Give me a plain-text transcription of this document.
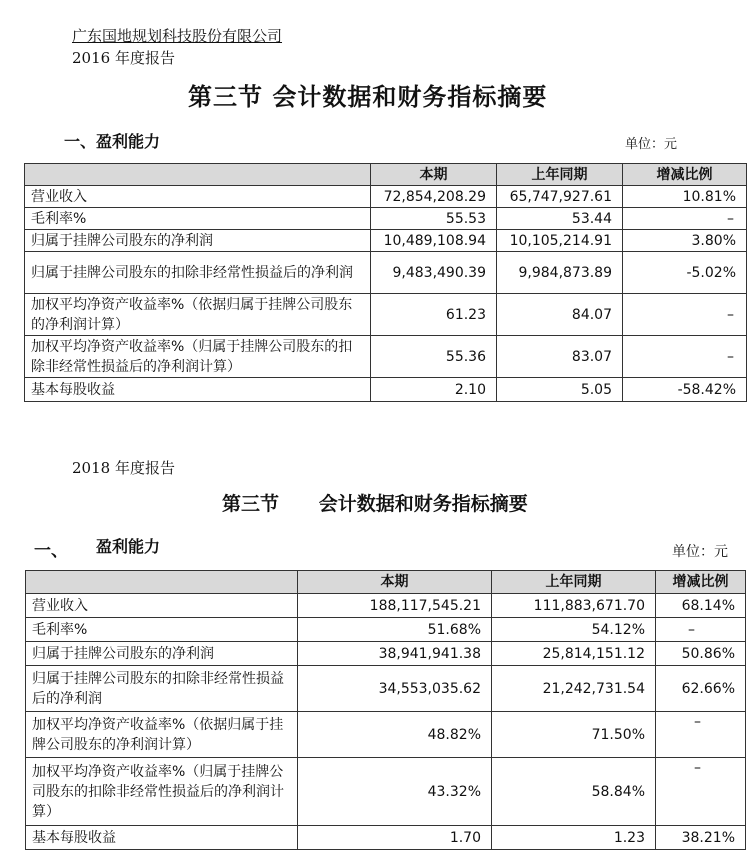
广东国地规划科技股份有限公司
2016 年度报告
第三节 会计数据和财务指标摘要
一、盈利能力	单位：元
	本期	上年同期	增减比例
营业收入	72,854,208.29	65,747,927.61	10.81%
毛利率%	55.53	53.44	–
归属于挂牌公司股东的净利润	10,489,108.94	10,105,214.91	3.80%
归属于挂牌公司股东的扣除非经常性损益后的净利润	9,483,490.39	9,984,873.89	-5.02%
加权平均净资产收益率%（依据归属于挂牌公司股东的净利润计算）	61.23	84.07	–
加权平均净资产收益率%（归属于挂牌公司股东的扣除非经常性损益后的净利润计算）	55.36	83.07	–
基本每股收益	2.10	5.05	-58.42%
2018 年度报告
第三节      会计数据和财务指标摘要
一、 盈利能力	单位：元
	本期	上年同期	增减比例
营业收入	188,117,545.21	111,883,671.70	68.14%
毛利率%	51.68%	54.12%	–
归属于挂牌公司股东的净利润	38,941,941.38	25,814,151.12	50.86%
归属于挂牌公司股东的扣除非经常性损益后的净利润	34,553,035.62	21,242,731.54	62.66%
加权平均净资产收益率%（依据归属于挂牌公司股东的净利润计算）	48.82%	71.50%	–

加权平均净资产收益率%（归属于挂牌公司股东的扣除非经常性损益后的净利润计算）	43.32%	58.84%	–

基本每股收益	1.70	1.23	38.21%
